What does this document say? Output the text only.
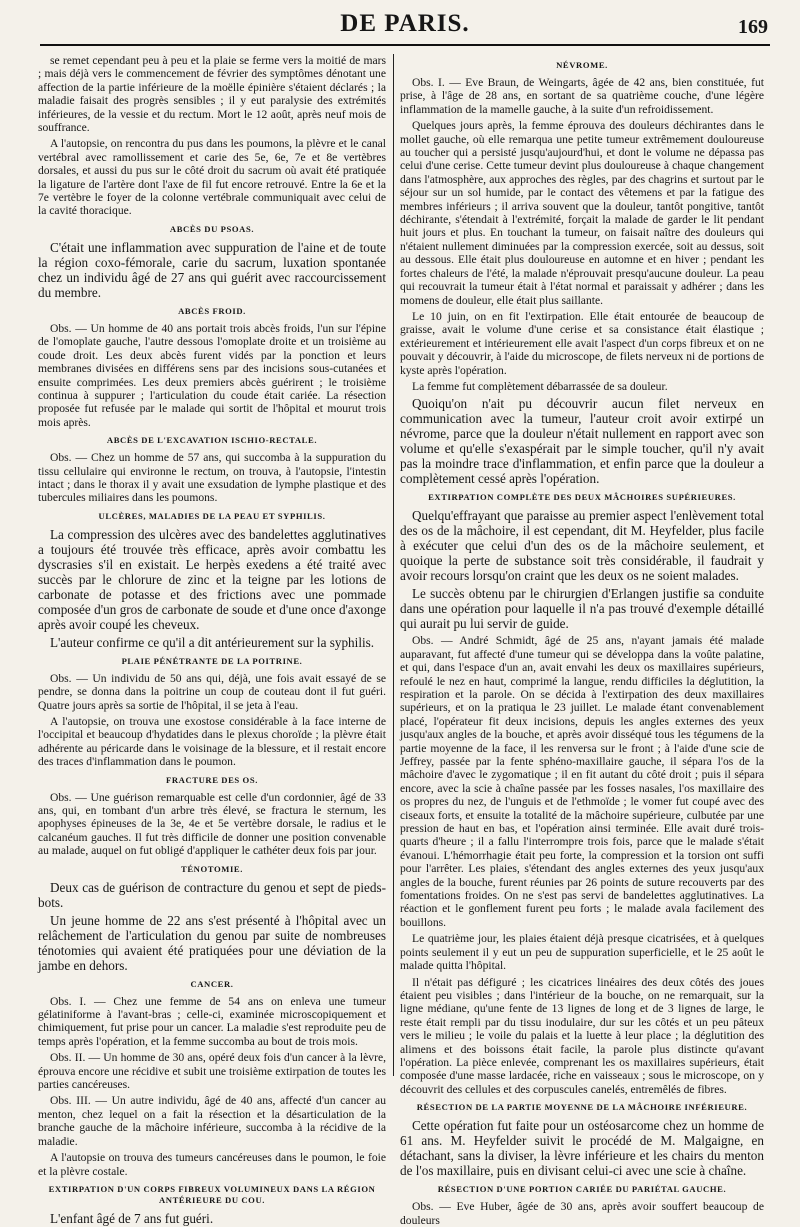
DE PARIS.	169

se remet cependant peu à peu et la plaie se ferme vers la moitié de mars ; mais déjà vers le commencement de février des symptômes dénotant une affection de la partie inférieure de la moëlle épinière s'étaient déclarés ; la maladie faisait des progrès sensibles ; il y eut paralysie des extrémités inférieures, de la vessie et du rectum. Mort le 12 août, après neuf mois de souffrance.

A l'autopsie, on rencontra du pus dans les poumons, la plèvre et le canal vertébral avec ramollissement et carie des 5e, 6e, 7e et 8e vertèbres dorsales, et aussi du pus sur le côté droit du sacrum où avait été pratiquée la ligature de l'artère dont l'axe de fil fut encore retrouvé. Entre la 6e et la 7e vertèbre le foyer de la colonne vertébrale communiquait avec celui de la cavité thoracique.

ABCÈS DU PSOAS.

C'était une inflammation avec suppuration de l'aine et de toute la région coxo-fémorale, carie du sacrum, luxation spontanée chez un individu âgé de 27 ans qui guérit avec raccourcissement du membre.

ABCÈS FROID.

Obs. — Un homme de 40 ans portait trois abcès froids, l'un sur l'épine de l'omoplate gauche, l'autre dessous l'omoplate droite et un troisième au coude droit. Les deux abcès furent vidés par la ponction et leurs membranes divisées en différens sens par des incisions sous-cutanées et ensuite comprimées. Les deux premiers abcès guérirent ; le troisième continua à suppurer ; l'articulation du coude était cariée. La résection proposée fut refusée par le malade qui sortit de l'hôpital et mourut trois mois après.

ABCÈS DE L'EXCAVATION ISCHIO-RECTALE.

Obs. — Chez un homme de 57 ans, qui succomba à la suppuration du tissu cellulaire qui environne le rectum, on trouva, à l'autopsie, l'intestin intact ; dans le thorax il y avait une exsudation de lymphe plastique et des tubercules miliaires dans les poumons.

ULCÈRES, MALADIES DE LA PEAU ET SYPHILIS.

La compression des ulcères avec des bandelettes agglutinatives a toujours été trouvée très efficace, après avoir combattu les dyscrasies s'il en existait. Le herpès exedens a été traité avec succès par le chlorure de zinc et la teigne par les lotions de carbonate de potasse et des frictions avec une pommade composée d'un gros de carbonate de soude et d'une once d'axonge après avoir coupé les cheveux.

L'auteur confirme ce qu'il a dit antérieurement sur la syphilis.

PLAIE PÉNÉTRANTE DE LA POITRINE.

Obs. — Un individu de 50 ans qui, déjà, une fois avait essayé de se pendre, se donna dans la poitrine un coup de couteau dont il fut guéri. Quatre jours après sa sortie de l'hôpital, il se jeta à l'eau.

A l'autopsie, on trouva une exostose considérable à la face interne de l'occipital et beaucoup d'hydatides dans le plexus choroïde ; la plèvre était adhérente au péricarde dans le voisinage de la blessure, et il restait encore des traces d'inflammation dans le poumon.

FRACTURE DES OS.

Obs. — Une guérison remarquable est celle d'un cordonnier, âgé de 33 ans, qui, en tombant d'un arbre très élevé, se fractura le sternum, les apophyses épineuses de la 3e, 4e et 5e vertèbre dorsale, le radius et le calcanéum gauches. Il fut très difficile de donner une position convenable au malade, auquel on fut obligé d'appliquer le cathéter deux fois par jour.

TÉNOTOMIE.

Deux cas de guérison de contracture du genou et sept de pieds-bots.

Un jeune homme de 22 ans s'est présenté à l'hôpital avec un relâchement de l'articulation du genou par suite de nombreuses ténotomies qui avaient été pratiquées pour une déviation de la jambe en dehors.

CANCER.

Obs. I. — Chez une femme de 54 ans on enleva une tumeur gélatiniforme à l'avant-bras ; celle-ci, examinée microscopiquement et chimiquement, fut prise pour un cancer. La maladie s'est reproduite peu de temps après l'opération, et la femme succomba au bout de trois mois.

Obs. II. — Un homme de 30 ans, opéré deux fois d'un cancer à la lèvre, éprouva encore une récidive et subit une troisième extirpation de toutes les parties cancéreuses.

Obs. III. — Un autre individu, âgé de 40 ans, affecté d'un cancer au menton, chez lequel on a fait la résection et la désarticulation de la branche gauche de la mâchoire inférieure, succomba à la récidive de la maladie.

A l'autopsie on trouva des tumeurs cancéreuses dans le poumon, le foie et la plèvre costale.

EXTIRPATION D'UN CORPS FIBREUX VOLUMINEUX DANS LA RÉGION ANTÉRIEURE DU COU.

L'enfant âgé de 7 ans fut guéri.

NÉVROME.

Obs. I. — Eve Braun, de Weingarts, âgée de 42 ans, bien constituée, fut prise, à l'âge de 28 ans, en sortant de sa quatrième couche, d'une légère inflammation de la mamelle gauche, à la suite d'un refroidissement.

Quelques jours après, la femme éprouva des douleurs déchirantes dans le mollet gauche, où elle remarqua une petite tumeur extrêmement douloureuse au toucher qui a persisté jusqu'aujourd'hui, et dont le volume ne dépassa pas celui d'une cerise. Cette tumeur devint plus douloureuse à chaque changement dans l'atmosphère, aux approches des règles, par des chagrins et surtout par le séjour sur un sol humide, par le contact des vêtemens et par la fatigue des membres inférieurs ; il arriva souvent que la douleur, tantôt pongitive, tantôt déchirante, s'étendait à l'extrémité, forçait la malade de garder le lit pendant huit jours et plus. En touchant la tumeur, on faisait naître des douleurs qui n'étaient nullement diminuées par la compression exercée, soit au dessus, soit au dessous. Elle était plus douloureuse en automne et en hiver ; pendant les fortes chaleurs de l'été, la malade n'éprouvait presqu'aucune douleur. La peau qui recouvrait la tumeur était à l'état normal et paraissait y adhérer ; dans les momens de douleur, elle était plus saillante.

Le 10 juin, on en fit l'extirpation. Elle était entourée de beaucoup de graisse, avait le volume d'une cerise et sa consistance était élastique ; extérieurement et intérieurement elle avait l'aspect d'un corps fibreux et on ne pouvait y découvrir, à l'aide du microscope, de filets nerveux ni de portions de kyste après l'opération.

La femme fut complètement débarrassée de sa douleur.

Quoiqu'on n'ait pu découvrir aucun filet nerveux en communication avec la tumeur, l'auteur croit avoir extirpé un névrome, parce que la douleur n'était nullement en rapport avec son volume et qu'elle s'exaspérait par le simple toucher, qu'il n'y avait pas la moindre trace d'inflammation, et enfin parce que la douleur a complètement cessé après l'opération.

EXTIRPATION COMPLÈTE DES DEUX MÂCHOIRES SUPÉRIEURES.

Quelqu'effrayant que paraisse au premier aspect l'enlèvement total des os de la mâchoire, il est cependant, dit M. Heyfelder, plus facile à exécuter que celui d'un des os de la mâchoire seulement, et quoique la perte de substance soit très considérable, il faudrait y avoir recours lorsqu'on craint que les deux os ne soient malades.

Le succès obtenu par le chirurgien d'Erlangen justifie sa conduite dans une opération pour laquelle il n'a pas trouvé d'exemple détaillé qui aurait pu lui servir de guide.

Obs. — André Schmidt, âgé de 25 ans, n'ayant jamais été malade auparavant, fut affecté d'une tumeur qui se développa dans la voûte palatine, et qui, dans l'espace d'un an, avait envahi les deux os maxillaires supérieurs, refoulé le nez en haut, comprimé la langue, rendu difficiles la déglutition, la respiration et la parole. On se décida à l'extirpation des deux maxillaires supérieurs, et on la pratiqua le 23 juillet. Le malade étant convenablement placé, l'opérateur fit deux incisions, depuis les angles externes des yeux jusqu'aux angles de la bouche, et après avoir disséqué tous les tégumens de la partie moyenne de la face, il les renversa sur le front ; à l'aide d'une scie de Jeffrey, passée par la fente sphéno-maxillaire gauche, il sépara l'os de la mâchoire d'avec le zygomatique ; il en fit autant du côté droit ; puis il sépara encore, avec la scie à chaîne passée par les fosses nasales, l'os maxillaire des os propres du nez, de l'unguis et de l'ethmoïde ; le vomer fut coupé avec des ciseaux forts, et ensuite la totalité de la mâchoire supérieure, culbutée par une pression de haut en bas, et l'opération ainsi terminée. Elle avait duré trois-quarts d'heure ; il a fallu l'interrompre trois fois, parce que le malade s'était évanoui. L'hémorrhagie était peu forte, la compression et la torsion ont suffi pour l'arrêter. Les plaies, s'étendant des angles externes des yeux jusqu'aux angles de la bouche, furent réunies par 26 points de suture recouverts par des fomentations froides. On ne s'est pas servi de bandelettes agglutinatives. La réaction et le gonflement furent peu forts ; le malade avala facilement des bouillons.

Le quatrième jour, les plaies étaient déjà presque cicatrisées, et à quelques points seulement il y eut un peu de suppuration superficielle, et le 25 août le malade quitta l'hôpital.

Il n'était pas défiguré ; les cicatrices linéaires des deux côtés des joues étaient peu visibles ; dans l'intérieur de la bouche, on ne remarquait, sur la ligne médiane, qu'une fente de 13 lignes de long et de 3 lignes de large, le reste était rempli par du tissu inodulaire, dur sur les côtés et un peu pâteux vers le milieu ; le voile du palais et la luette à leur place ; la déglutition des alimens et des boissons était facile, la parole plus distincte qu'avant l'opération. La pièce enlevée, comprenant les os maxillaires supérieurs, était composée d'une masse lardacée, riche en vaisseaux ; sous le microscope, on y découvrit des cellules et des corpuscules canelés, entremêlés de fibres.

RÉSECTION DE LA PARTIE MOYENNE DE LA MÂCHOIRE INFÉRIEURE.

Cette opération fut faite pour un ostéosarcome chez un homme de 61 ans. M. Heyfelder suivit le procédé de M. Malgaigne, en détachant, sans la diviser, la lèvre inférieure et les chairs du menton de l'os maxillaire, puis en divisant celui-ci avec une scie à chaîne.

RÉSECTION D'UNE PORTION CARIÉE DU PARIÉTAL GAUCHE.

Obs. — Eve Huber, âgée de 30 ans, après avoir souffert beaucoup de douleurs
